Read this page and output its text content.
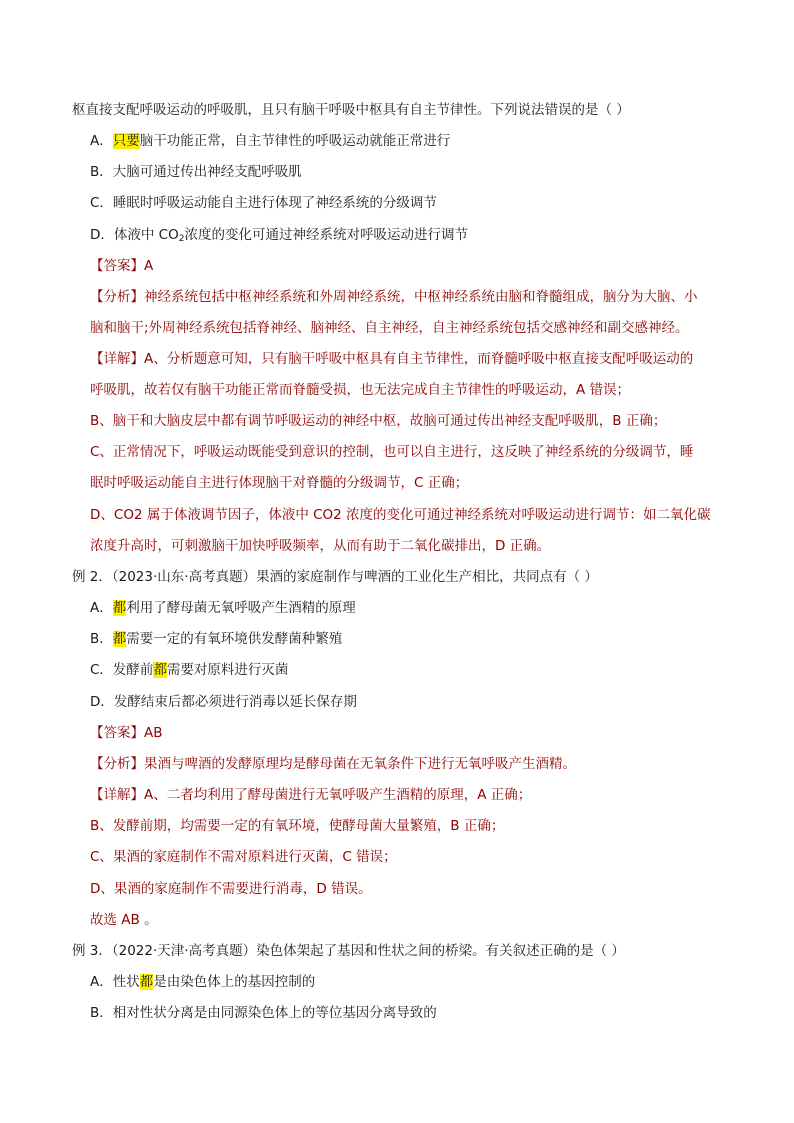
枢直接支配呼吸运动的呼吸肌，且只有脑干呼吸中枢具有自主节律性。下列说法错误的是（ ）
A．只要脑干功能正常，自主节律性的呼吸运动就能正常进行
B．大脑可通过传出神经支配呼吸肌
C．睡眠时呼吸运动能自主进行体现了神经系统的分级调节
D．体液中 $CO_2$浓度的变化可通过神经系统对呼吸运动进行调节
【答案】A
【分析】神经系统包括中枢神经系统和外周神经系统，中枢神经系统由脑和脊髓组成，脑分为大脑、小
脑和脑干;外周神经系统包括脊神经、脑神经、自主神经，自主神经系统包括交感神经和副交感神经。
【详解】A、分析题意可知，只有脑干呼吸中枢具有自主节律性，而脊髓呼吸中枢直接支配呼吸运动的
呼吸肌，故若仅有脑干功能正常而脊髓受损，也无法完成自主节律性的呼吸运动，A 错误；
B、脑干和大脑皮层中都有调节呼吸运动的神经中枢，故脑可通过传出神经支配呼吸肌，B 正确；
C、正常情况下，呼吸运动既能受到意识的控制，也可以自主进行，这反映了神经系统的分级调节，睡
眠时呼吸运动能自主进行体现脑干对脊髓的分级调节，C 正确；
D、CO2 属于体液调节因子，体液中 CO2 浓度的变化可通过神经系统对呼吸运动进行调节：如二氧化碳
浓度升高时，可刺激脑干加快呼吸频率，从而有助于二氧化碳排出，D 正确。
例 2．（2023·山东·高考真题）果酒的家庭制作与啤酒的工业化生产相比，共同点有（ ）
A．都利用了酵母菌无氧呼吸产生酒精的原理
B．都需要一定的有氧环境供发酵菌种繁殖
C．发酵前都需要对原料进行灭菌
D．发酵结束后都必须进行消毒以延长保存期
【答案】AB
【分析】果酒与啤酒的发酵原理均是酵母菌在无氧条件下进行无氧呼吸产生酒精。
【详解】A、二者均利用了酵母菌进行无氧呼吸产生酒精的原理，A 正确；
B、发酵前期，均需要一定的有氧环境，使酵母菌大量繁殖，B 正确；
C、果酒的家庭制作不需对原料进行灭菌，C 错误；
D、果酒的家庭制作不需要进行消毒，D 错误。
故选 AB 。
例 3．（2022·天津·高考真题）染色体架起了基因和性状之间的桥梁。有关叙述正确的是（ ）
A．性状都是由染色体上的基因控制的
B．相对性状分离是由同源染色体上的等位基因分离导致的
